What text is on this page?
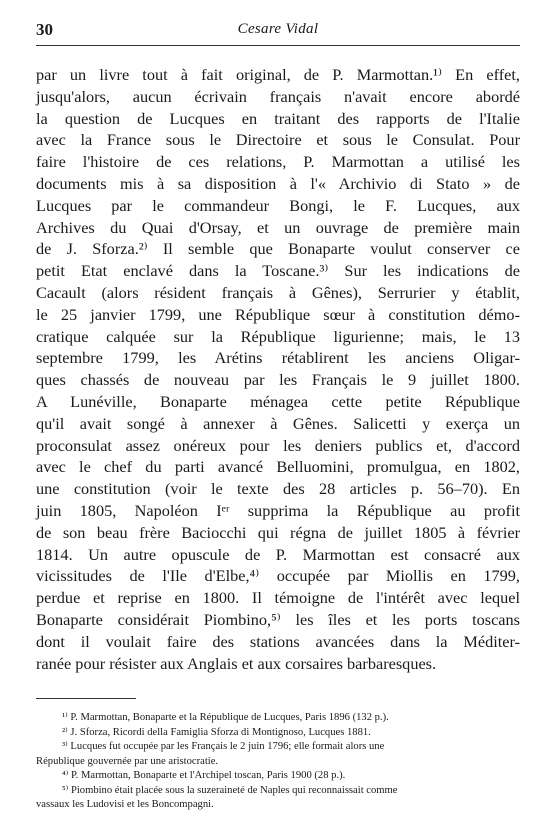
30	Cesare Vidal
par un livre tout à fait original, de P. Marmottan.¹⁾ En effet,
jusqu'alors, aucun écrivain français n'avait encore abordé
la question de Lucques en traitant des rapports de l'Italie
avec la France sous le Directoire et sous le Consulat. Pour
faire l'histoire de ces relations, P. Marmottan a utilisé les
documents mis à sa disposition à l'« Archivio di Stato » de
Lucques par le commandeur Bongi, le F. Lucques, aux
Archives du Quai d'Orsay, et un ouvrage de première main
de J. Sforza.²⁾ Il semble que Bonaparte voulut conserver ce
petit Etat enclavé dans la Toscane.³⁾ Sur les indications de
Cacault (alors résident français à Gênes), Serrurier y établit,
le 25 janvier 1799, une République sœur à constitution démo-
cratique calquée sur la République ligurienne; mais, le 13
septembre 1799, les Arétins rétablirent les anciens Oligar-
ques chassés de nouveau par les Français le 9 juillet 1800.
A Lunéville, Bonaparte ménagea cette petite République
qu'il avait songé à annexer à Gênes. Salicetti y exerça un
proconsulat assez onéreux pour les deniers publics et, d'accord
avec le chef du parti avancé Belluomini, promulgua, en 1802,
une constitution (voir le texte des 28 articles p. 56–70). En
juin 1805, Napoléon Iᵉʳ supprima la République au profit
de son beau frère Baciocchi qui régna de juillet 1805 à février
1814. Un autre opuscule de P. Marmottan est consacré aux
vicissitudes de l'Ile d'Elbe,⁴⁾ occupée par Miollis en 1799,
perdue et reprise en 1800. Il témoigne de l'intérêt avec lequel
Bonaparte considérait Piombino,⁵⁾ les îles et les ports toscans
dont il voulait faire des stations avancées dans la Méditer-
ranée pour résister aux Anglais et aux corsaires barbaresques.
¹⁾ P. Marmottan, Bonaparte et la République de Lucques, Paris 1896 (132 p.).
²⁾ J. Sforza, Ricordi della Famiglia Sforza di Montignoso, Lucques 1881.
³⁾ Lucques fut occupée par les Français le 2 juin 1796; elle formait alors une
République gouvernée par une aristocratie.
⁴⁾ P. Marmottan, Bonaparte et l'Archipel toscan, Paris 1900 (28 p.).
⁵⁾ Piombino était placée sous la suzeraineté de Naples qui reconnaissait comme
vassaux les Ludovisi et les Boncompagni.
